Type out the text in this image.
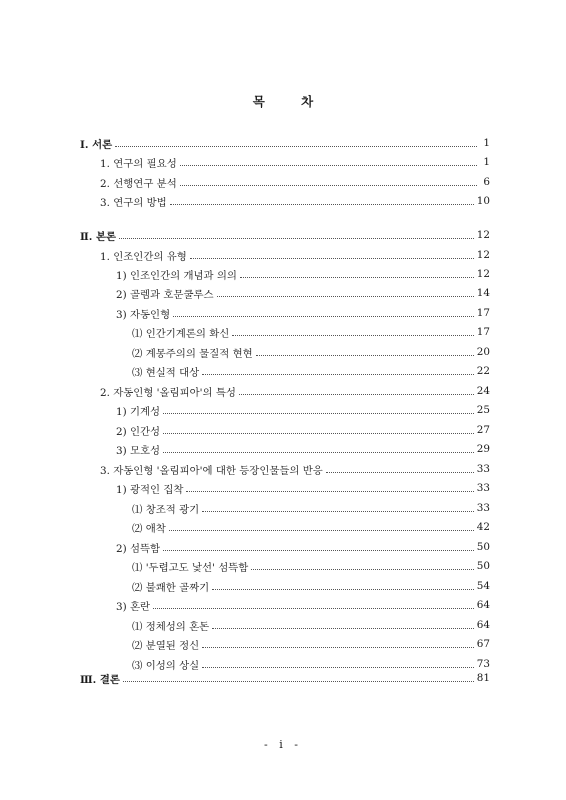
목 차
Ⅰ. 서론	1
1. 연구의 필요성	1
2. 선행연구 분석	6
3. 연구의 방법	10
Ⅱ. 본론	12
1. 인조인간의 유형	12
1) 인조인간의 개념과 의의	12
2) 골렘과 호문쿨루스	14
3) 자동인형	17
⑴ 인간기계론의 화신	17
⑵ 계몽주의의 물질적 현현	20
⑶ 현실적 대상	22
2. 자동인형 '올림피아'의 특성	24
1) 기계성	25
2) 인간성	27
3) 모호성	29
3. 자동인형 '올림피아'에 대한 등장인물들의 반응	33
1) 광적인 집착	33
⑴ 창조적 광기	33
⑵ 애착	42
2) 섬뜩함	50
⑴ '두렵고도 낯선' 섬뜩함	50
⑵ 불쾌한 골짜기	54
3) 혼란	64
⑴ 정체성의 혼돈	64
⑵ 분열된 정신	67
⑶ 이성의 상실	73
Ⅲ. 결론	81
- i -
